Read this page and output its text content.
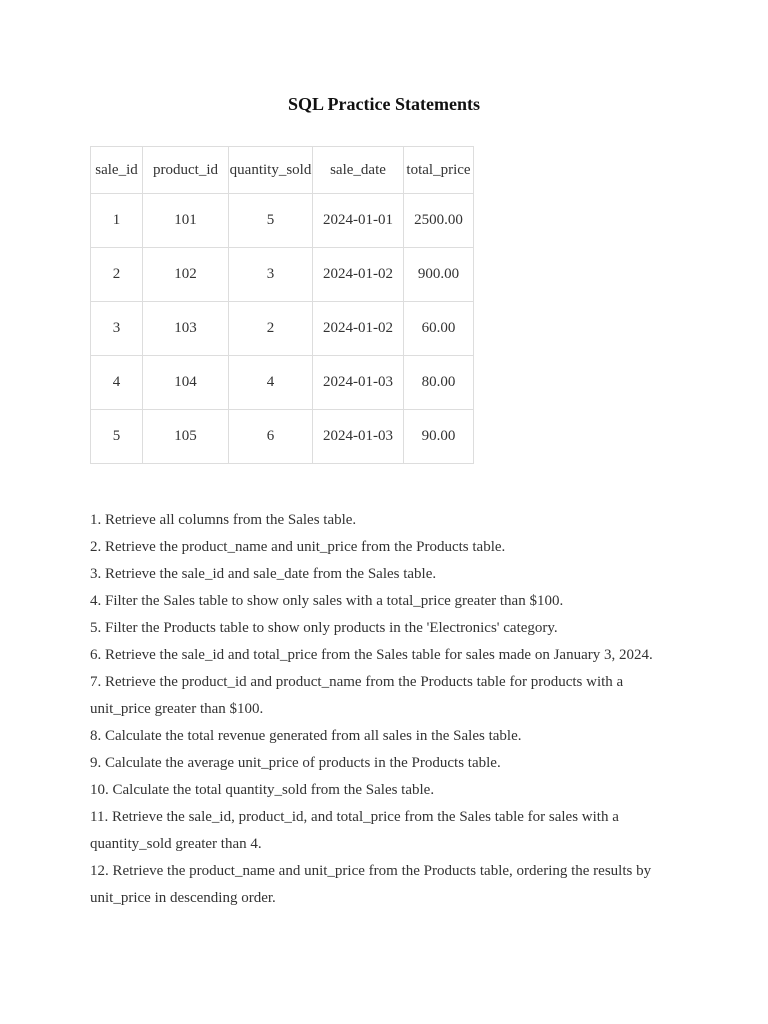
SQL Practice Statements
sale_id	product_id	quantity_sold	sale_date	total_price
1	101	5	2024-01-01	2500.00
2	102	3	2024-01-02	900.00
3	103	2	2024-01-02	60.00
4	104	4	2024-01-03	80.00
5	105	6	2024-01-03	90.00
1. Retrieve all columns from the Sales table.
2. Retrieve the product_name and unit_price from the Products table.
3. Retrieve the sale_id and sale_date from the Sales table.
4. Filter the Sales table to show only sales with a total_price greater than $100.
5. Filter the Products table to show only products in the 'Electronics' category.
6. Retrieve the sale_id and total_price from the Sales table for sales made on January 3, 2024.
7. Retrieve the product_id and product_name from the Products table for products with a unit_price greater than $100.
8. Calculate the total revenue generated from all sales in the Sales table.
9. Calculate the average unit_price of products in the Products table.
10. Calculate the total quantity_sold from the Sales table.
11. Retrieve the sale_id, product_id, and total_price from the Sales table for sales with a quantity_sold greater than 4.
12. Retrieve the product_name and unit_price from the Products table, ordering the results by unit_price in descending order.
